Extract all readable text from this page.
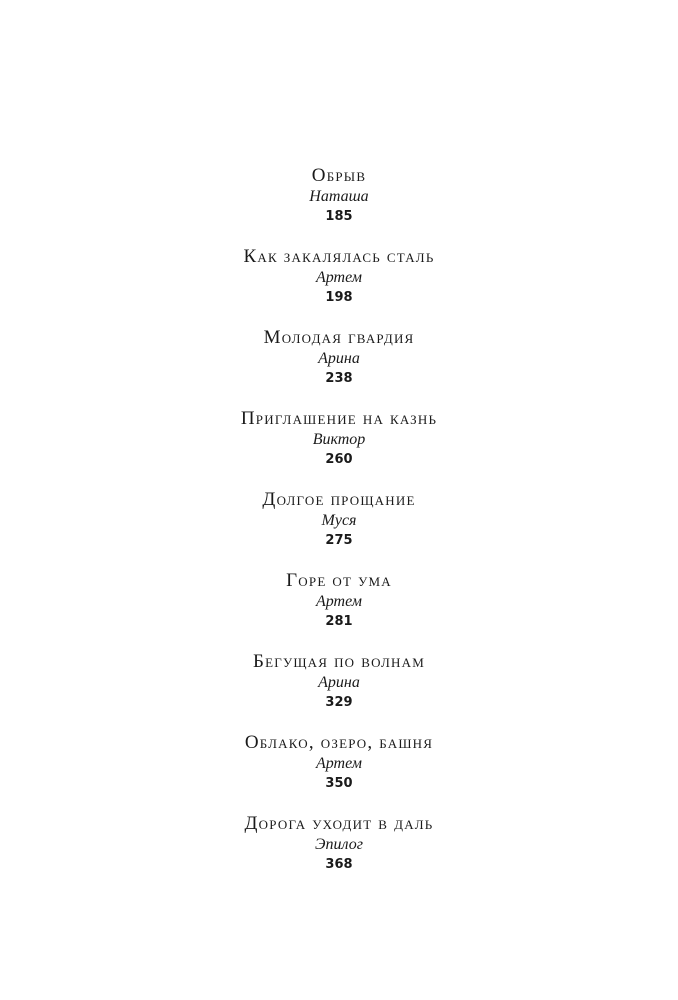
Обрыв
Наташа
185
Как закалялась сталь
Артем
198
Молодая гвардия
Арина
238
Приглашение на казнь
Виктор
260
Долгое прощание
Муся
275
Горе от ума
Артем
281
Бегущая по волнам
Арина
329
Облако, озеро, башня
Артем
350
Дорога уходит в даль
Эпилог
368
